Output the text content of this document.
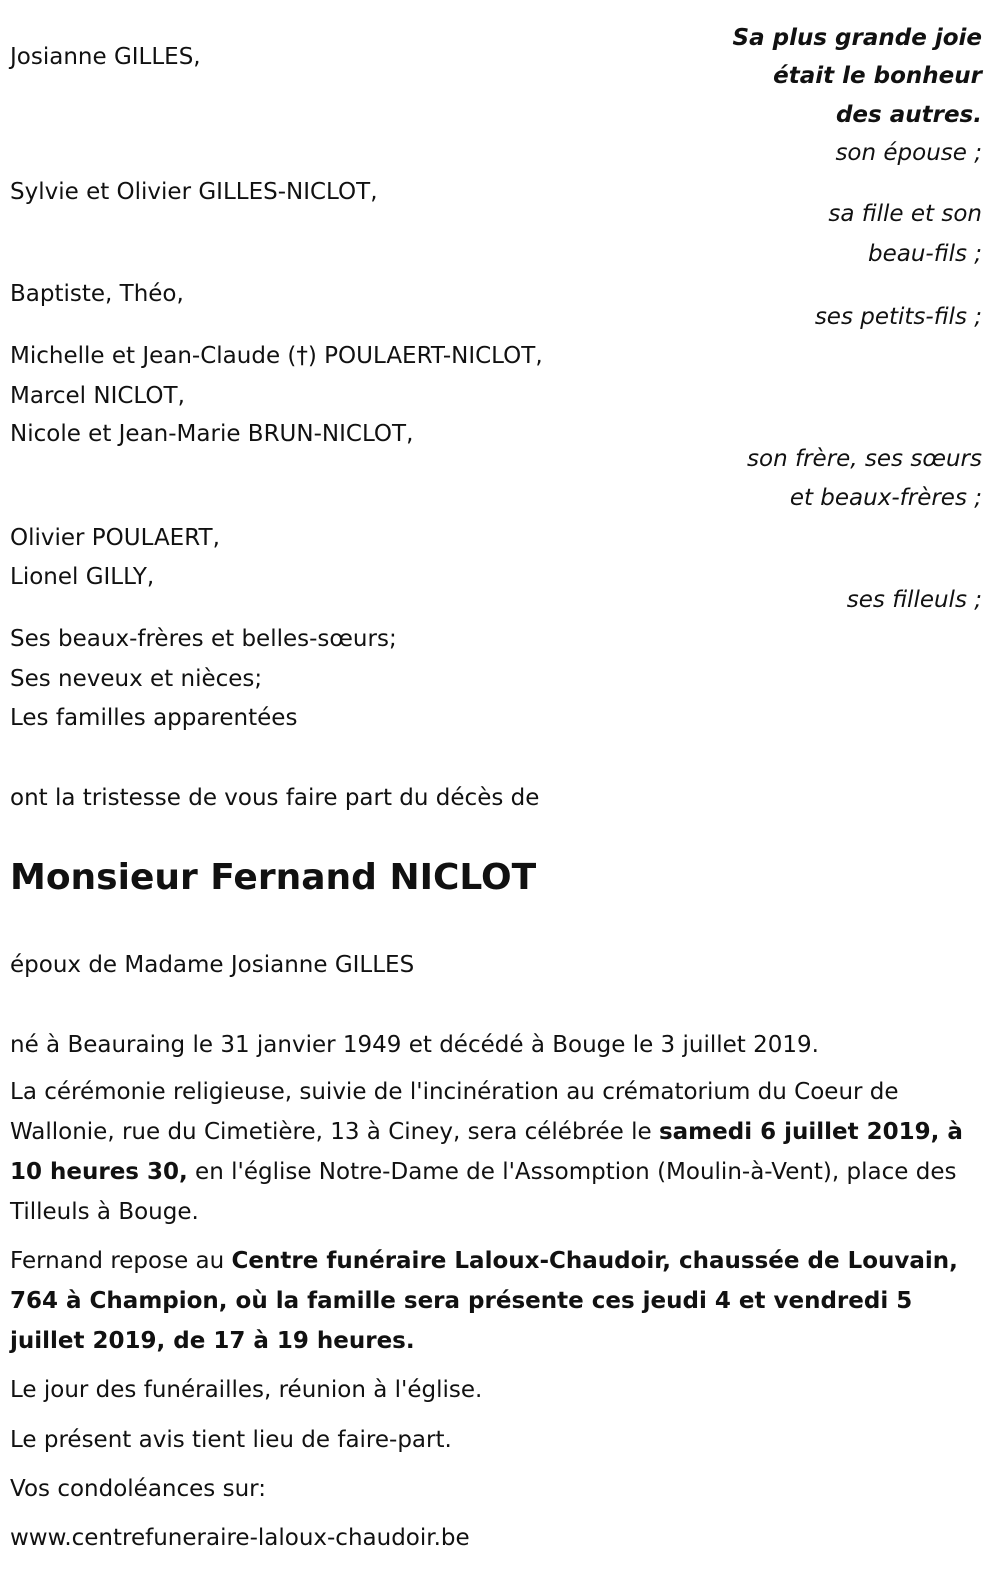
Sa plus grande joie
était le bonheur
des autres.
Josianne GILLES,
son épouse ;
Sylvie et Olivier GILLES-NICLOT,
sa fille et son
beau-fils ;
Baptiste, Théo,
ses petits-fils ;
Michelle et Jean-Claude (†) POULAERT-NICLOT,
Marcel NICLOT,
Nicole et Jean-Marie BRUN-NICLOT,
son frère, ses sœurs
et beaux-frères ;
Olivier POULAERT,
Lionel GILLY,
ses filleuls ;
Ses beaux-frères et belles-sœurs;
Ses neveux et nièces;
Les familles apparentées
ont la tristesse de vous faire part du décès de
Monsieur Fernand NICLOT
époux de Madame Josianne GILLES
né à Beauraing le 31 janvier 1949 et décédé à Bouge le 3 juillet 2019.
La cérémonie religieuse, suivie de l'incinération au crématorium du Coeur de Wallonie, rue du Cimetière, 13 à Ciney, sera célébrée le samedi 6 juillet 2019, à 10 heures 30, en l'église Notre-Dame de l'Assomption (Moulin-à-Vent), place des Tilleuls à Bouge.
Fernand repose au Centre funéraire Laloux-Chaudoir, chaussée de Louvain, 764 à Champion, où la famille sera présente ces jeudi 4 et vendredi 5 juillet 2019, de 17 à 19 heures.
Le jour des funérailles, réunion à l'église.
Le présent avis tient lieu de faire-part.
Vos condoléances sur:
www.centrefuneraire-laloux-chaudoir.be
